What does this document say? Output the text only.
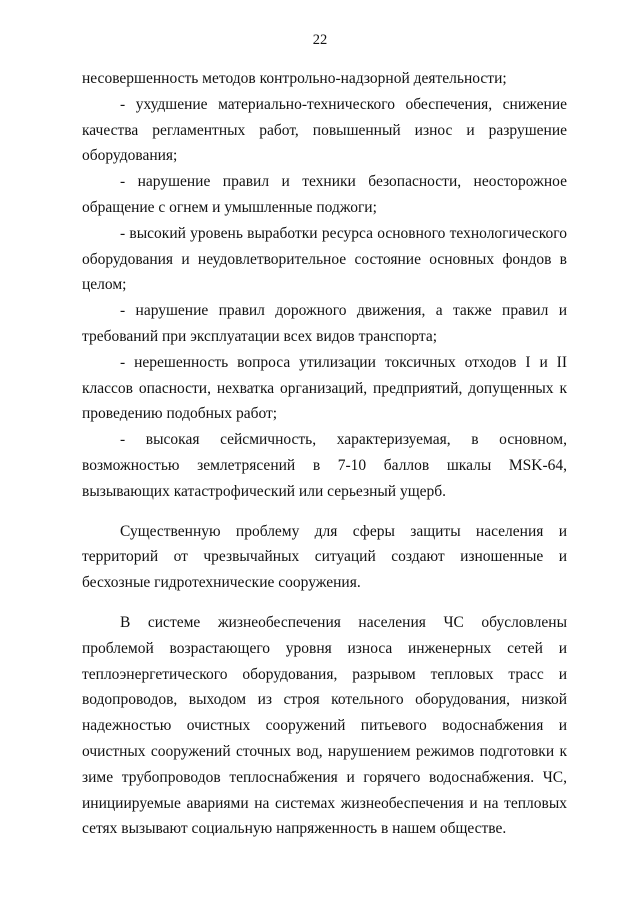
22

несовершенность методов контрольно-надзорной деятельности;

- ухудшение материально-технического обеспечения, снижение качества регламентных работ, повышенный износ и разрушение оборудования;

- нарушение правил и техники безопасности, неосторожное обращение с огнем и умышленные поджоги;

- высокий уровень выработки ресурса основного технологического оборудования и неудовлетворительное состояние основных фондов в целом;

- нарушение правил дорожного движения, а также правил и требований при эксплуатации всех видов транспорта;

- нерешенность вопроса утилизации токсичных отходов I и II классов опасности, нехватка организаций, предприятий, допущенных к проведению подобных работ;

- высокая сейсмичность, характеризуемая, в основном, возможностью землетрясений в 7-10 баллов шкалы MSK-64, вызывающих катастрофический или серьезный ущерб.

Существенную проблему для сферы защиты населения и территорий от чрезвычайных ситуаций создают изношенные и бесхозные гидротехнические сооружения.

В системе жизнеобеспечения населения ЧС обусловлены проблемой возрастающего уровня износа инженерных сетей и теплоэнергетического оборудования, разрывом тепловых трасс и водопроводов, выходом из строя котельного оборудования, низкой надежностью очистных сооружений питьевого водоснабжения и очистных сооружений сточных вод, нарушением режимов подготовки к зиме трубопроводов теплоснабжения и горячего водоснабжения. ЧС, инициируемые авариями на системах жизнеобеспечения и на тепловых сетях вызывают социальную напряженность в нашем обществе.
